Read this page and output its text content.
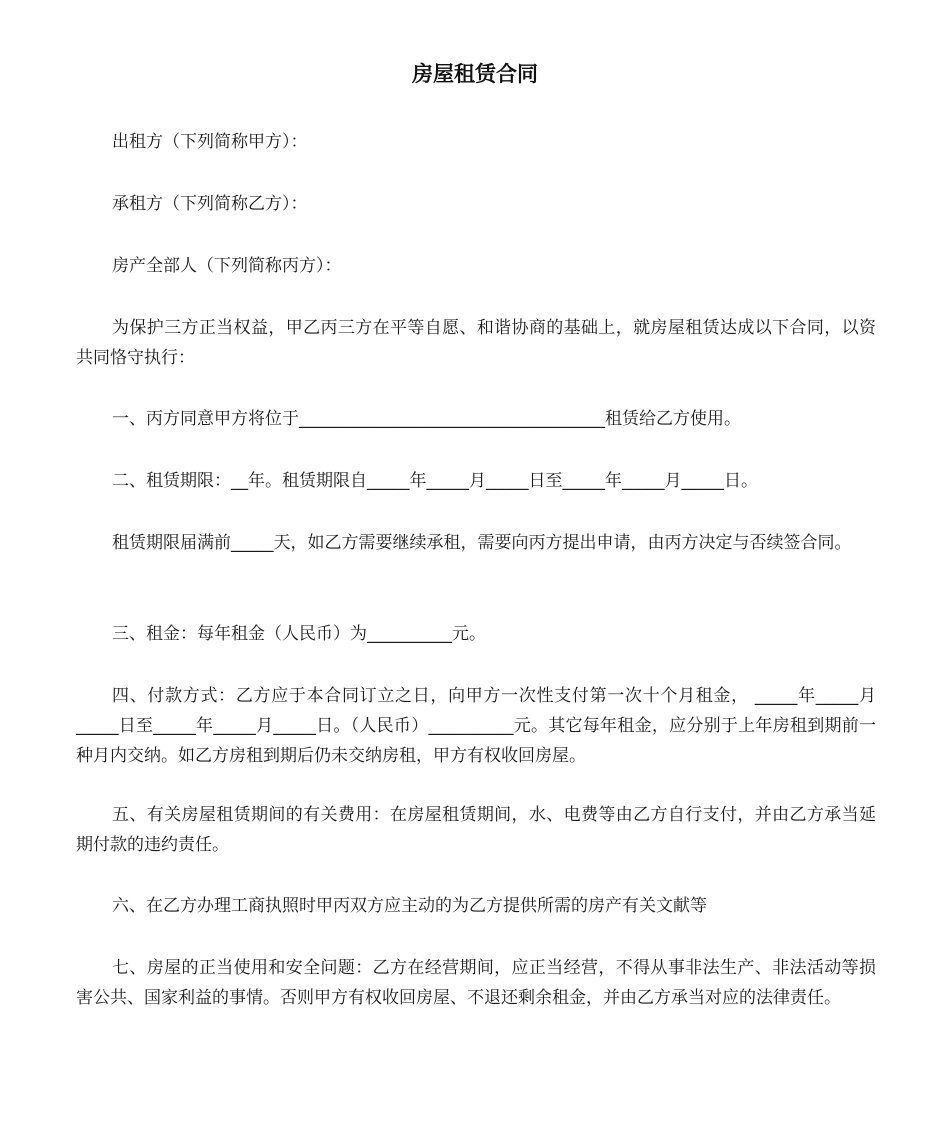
房屋租赁合同
出租方（下列简称甲方）：
承租方（下列简称乙方）：
房产全部人（下列简称丙方）：
为保护三方正当权益，甲乙丙三方在平等自愿、和谐协商的基础上，就房屋租赁达成以下合同，以资共同恪守执行：
一、丙方同意甲方将位于____________________________________租赁给乙方使用。
二、租赁期限：__年。租赁期限自_____年_____月_____日至_____年_____月_____日。
租赁期限届满前_____天，如乙方需要继续承租，需要向丙方提出申请，由丙方决定与否续签合同。
三、租金：每年租金（人民币）为__________元。
四、付款方式：乙方应于本合同订立之日，向甲方一次性支付第一次十个月租金， _____年_____月_____日至_____年_____月_____日。（人民币）__________元。其它每年租金，应分别于上年房租到期前一种月内交纳。如乙方房租到期后仍未交纳房租，甲方有权收回房屋。
五、有关房屋租赁期间的有关费用：在房屋租赁期间，水、电费等由乙方自行支付，并由乙方承当延期付款的违约责任。
六、在乙方办理工商执照时甲丙双方应主动的为乙方提供所需的房产有关文献等
七、房屋的正当使用和安全问题：乙方在经营期间，应正当经营，不得从事非法生产、非法活动等损害公共、国家利益的事情。否则甲方有权收回房屋、不退还剩余租金，并由乙方承当对应的法律责任。
